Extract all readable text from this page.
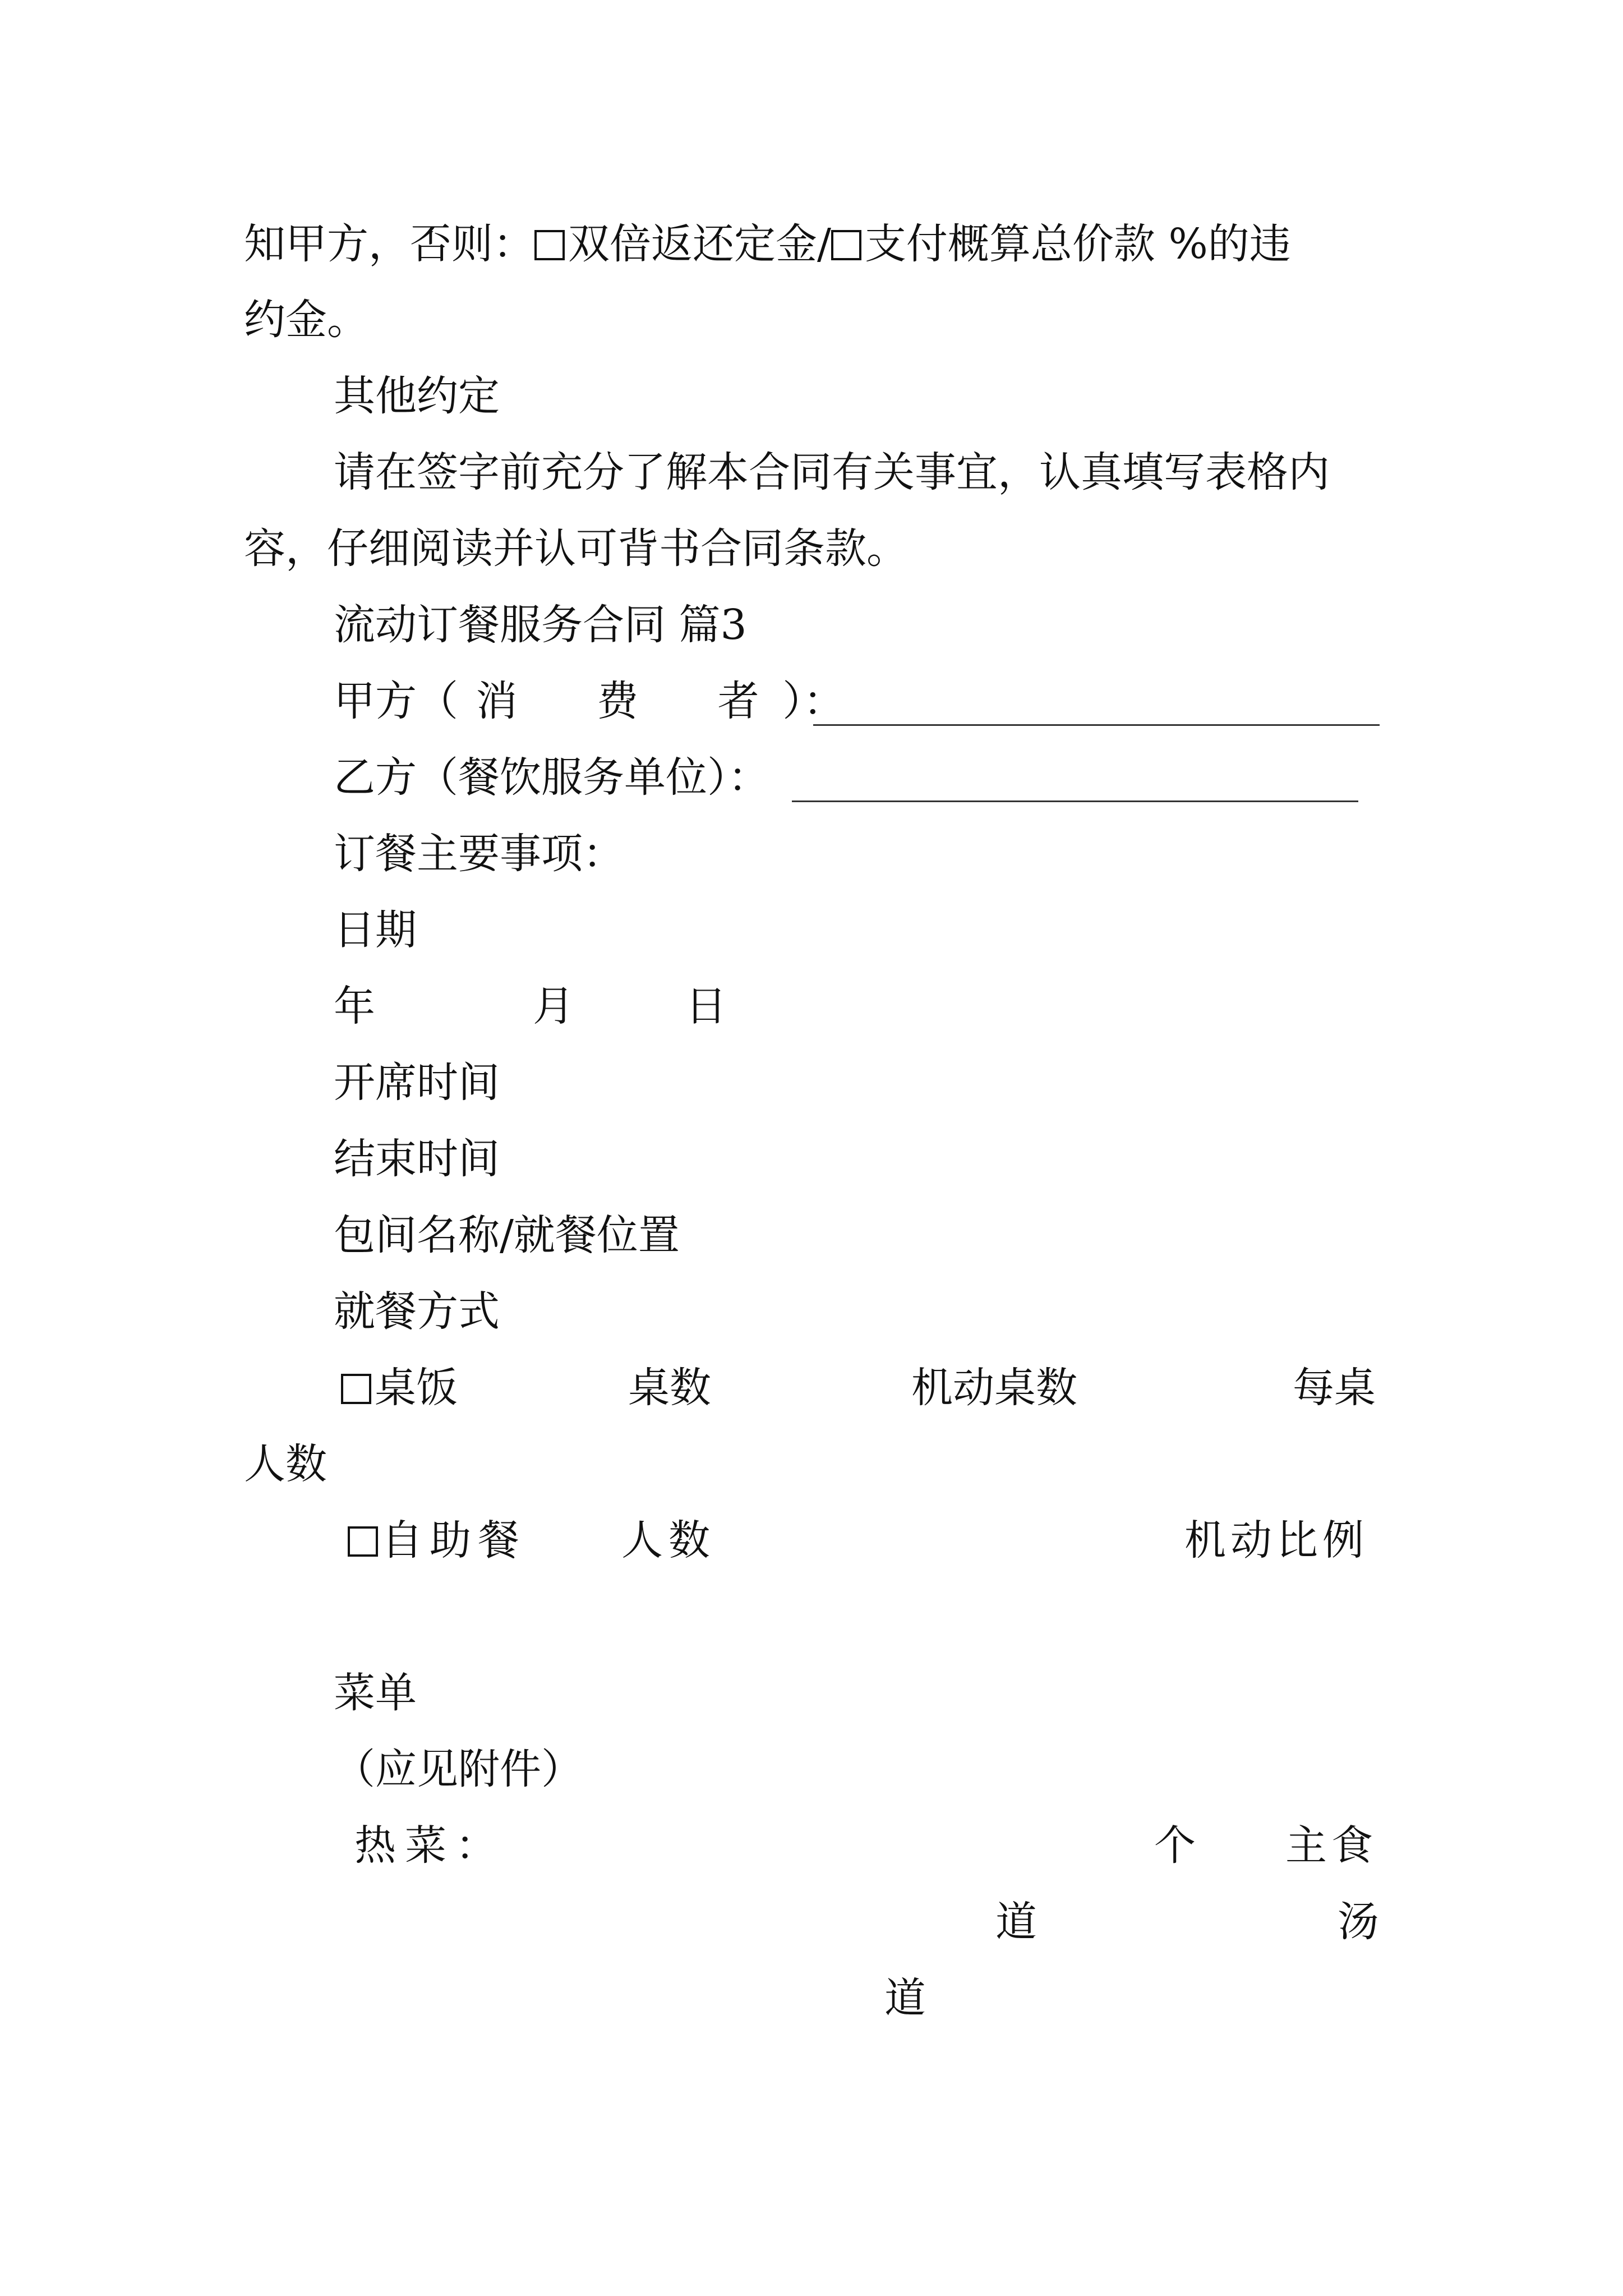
知甲方，否则： 双倍返还定金/ 支付概算总价款 %的违
约金。
其他约定
请在签字前充分了解本合同有关事宜，认真填写表格内
容，仔细阅读并认可背书合同条款。
流动订餐服务合同 篇3
甲方（ 消 费 者 ）：
乙方（餐饮服务单位）：
订餐主要事项：
日期
年	月	日
开席时间
结束时间
包间名称/就餐位置
就餐方式
桌饭	桌数	机动桌数	每桌
人数
自助餐 人数	机动比例
菜单
（应见附件）
热菜：	个 主食
道	汤
道
